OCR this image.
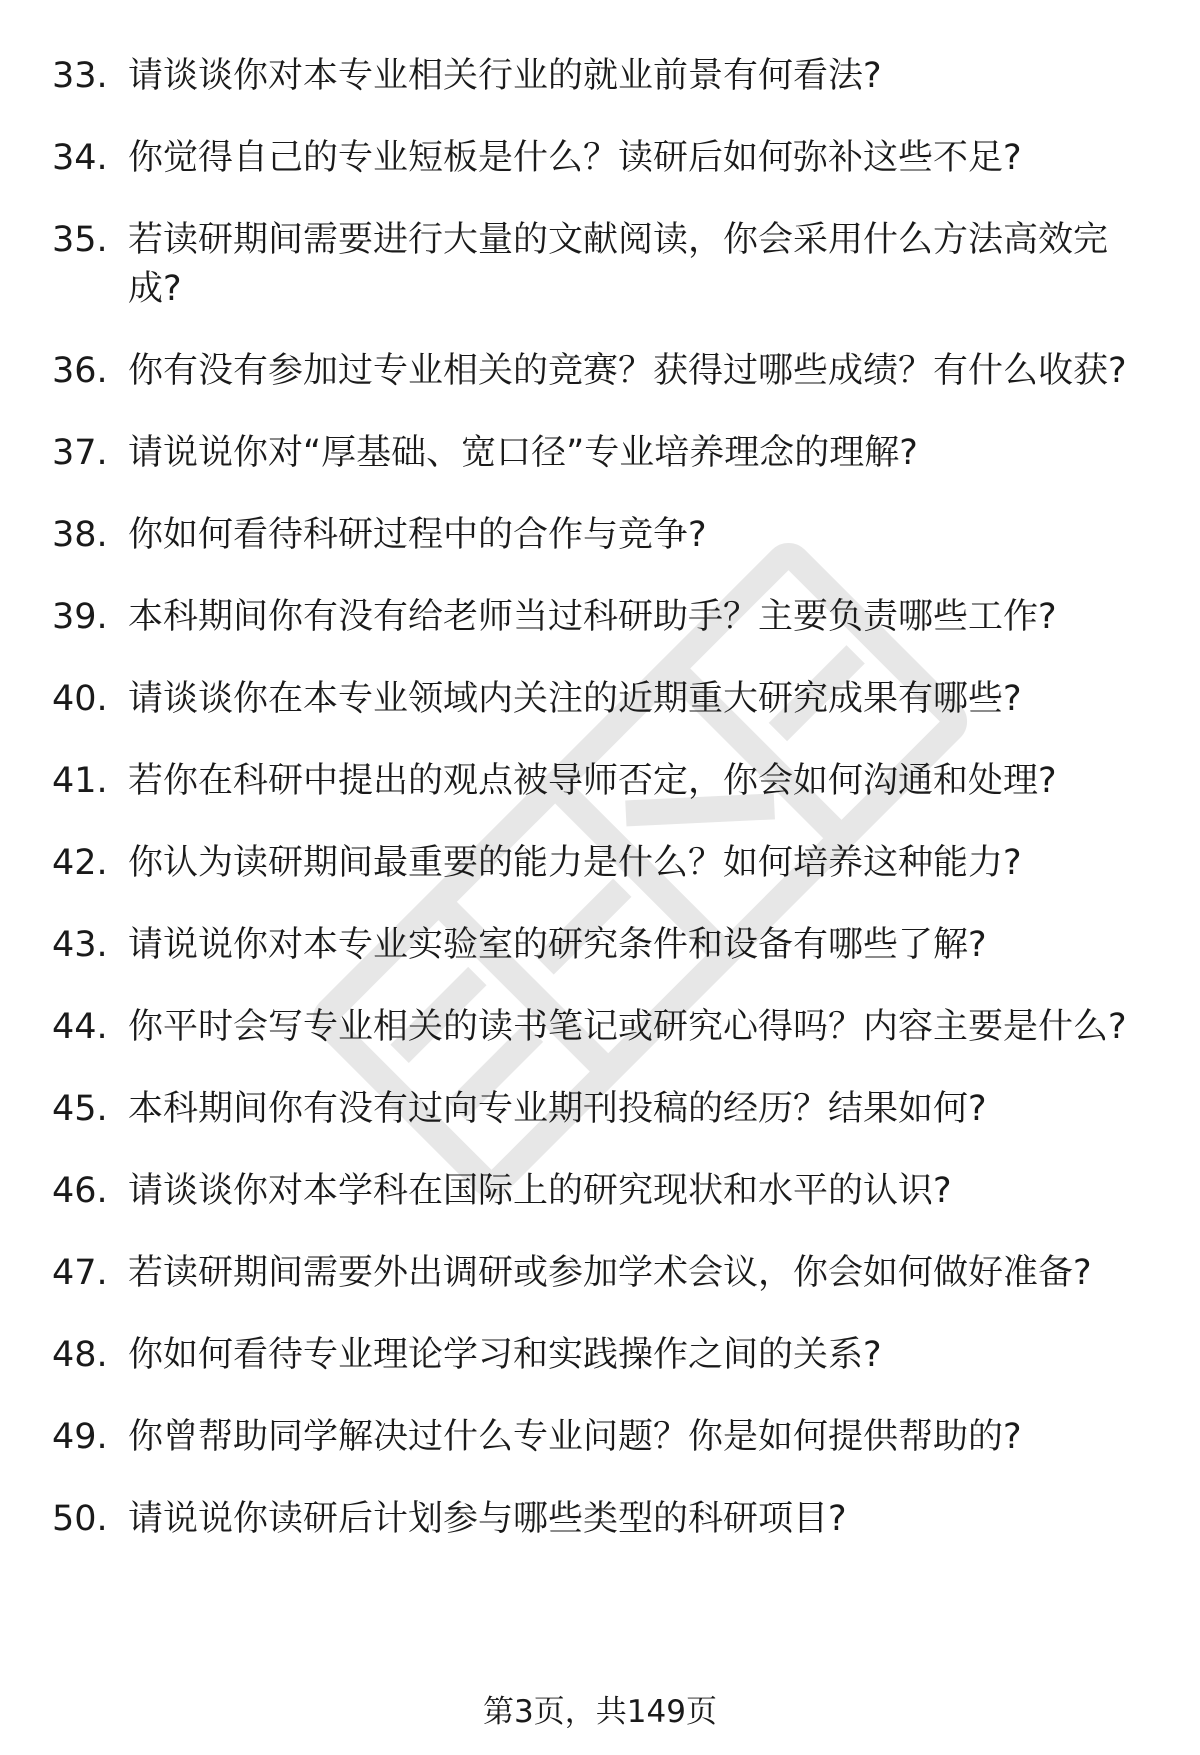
33. 请谈谈你对本专业相关行业的就业前景有何看法?
34. 你觉得自己的专业短板是什么？读研后如何弥补这些不足?
35. 若读研期间需要进行大量的文献阅读，你会采用什么方法高效完成?
36. 你有没有参加过专业相关的竞赛？获得过哪些成绩？有什么收获?
37. 请说说你对“厚基础、宽口径”专业培养理念的理解?
38. 你如何看待科研过程中的合作与竞争?
39. 本科期间你有没有给老师当过科研助手？主要负责哪些工作?
40. 请谈谈你在本专业领域内关注的近期重大研究成果有哪些?
41. 若你在科研中提出的观点被导师否定，你会如何沟通和处理?
42. 你认为读研期间最重要的能力是什么？如何培养这种能力?
43. 请说说你对本专业实验室的研究条件和设备有哪些了解?
44. 你平时会写专业相关的读书笔记或研究心得吗？内容主要是什么?
45. 本科期间你有没有过向专业期刊投稿的经历？结果如何?
46. 请谈谈你对本学科在国际上的研究现状和水平的认识?
47. 若读研期间需要外出调研或参加学术会议，你会如何做好准备?
48. 你如何看待专业理论学习和实践操作之间的关系?
49. 你曾帮助同学解决过什么专业问题？你是如何提供帮助的?
50. 请说说你读研后计划参与哪些类型的科研项目?
第3页，共149页
